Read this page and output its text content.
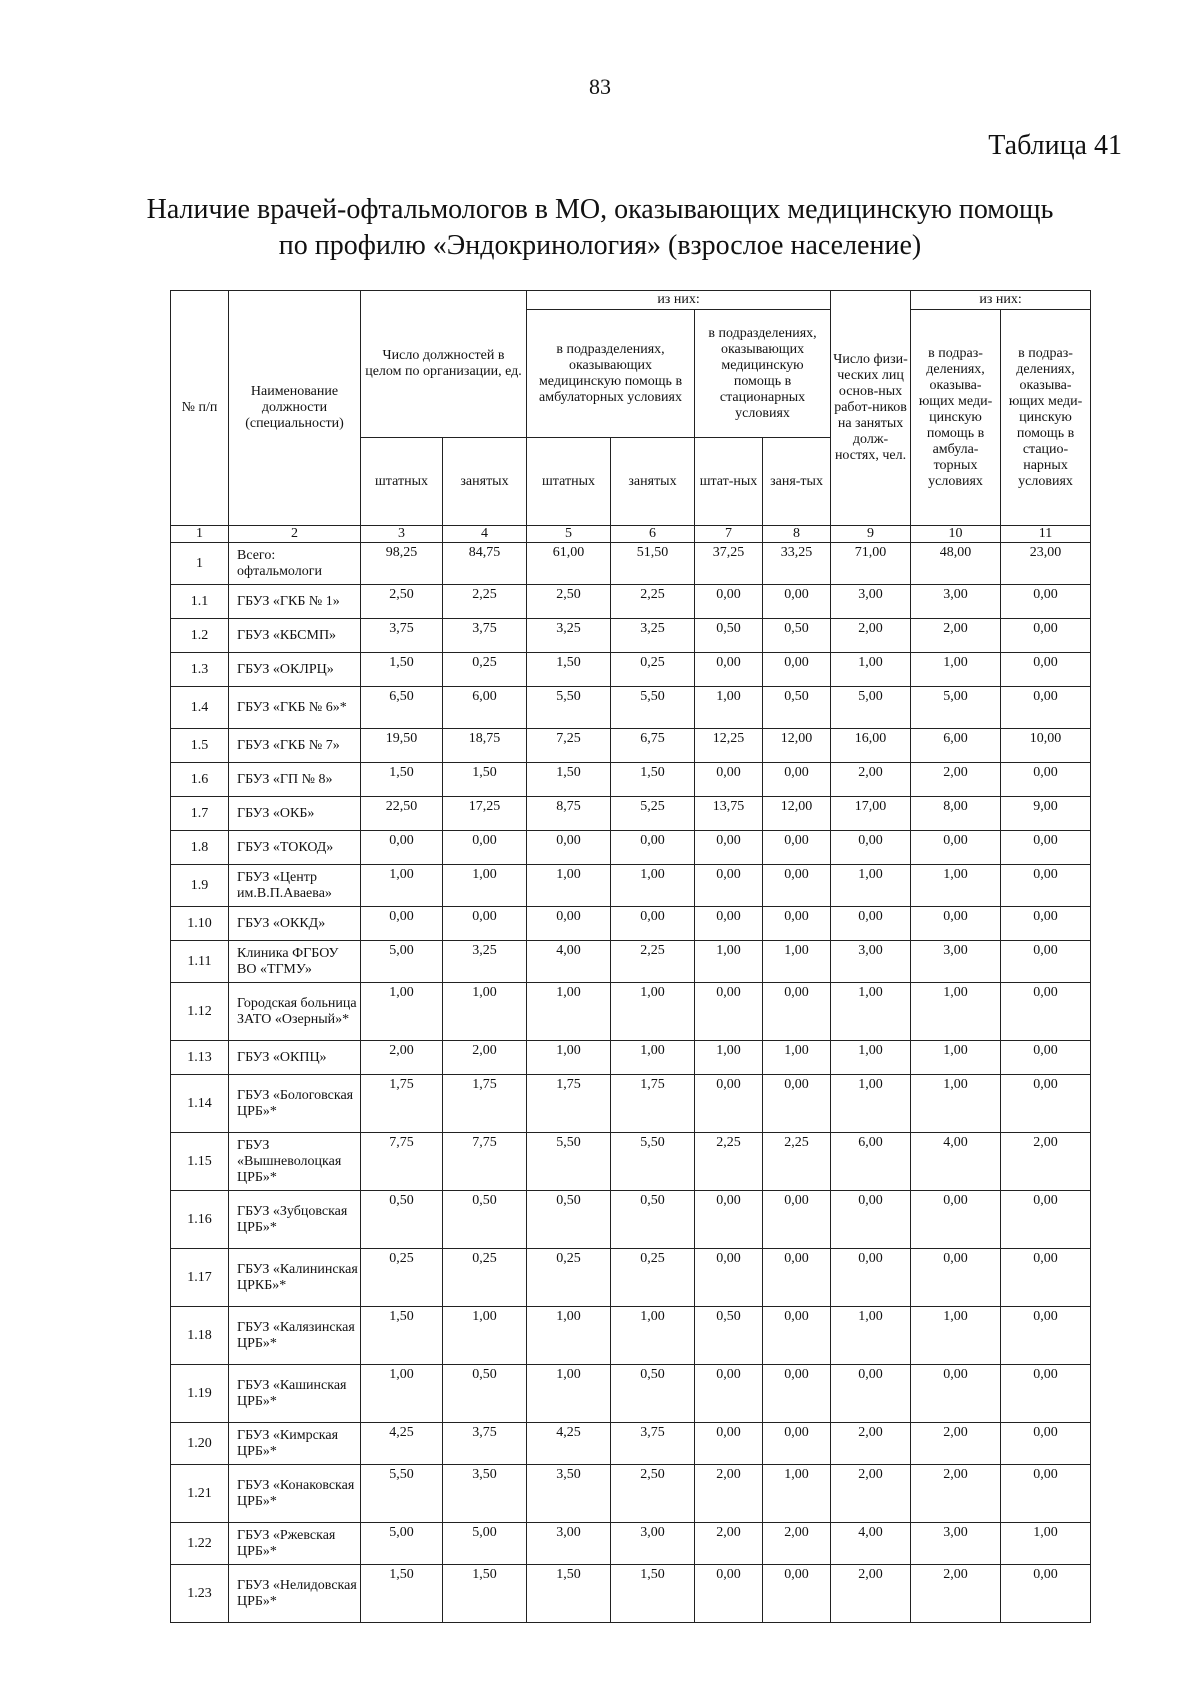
83
Таблица 41
Наличие врачей-офтальмологов в МО, оказывающих медицинскую помощь
по профилю «Эндокринология» (взрослое население)
№ п/п	Наименование должности (специальности)	Число должностей в целом по организации, ед.		из них:				Число физи-ческих лиц основ-ных работ-ников на занятых долж-ностях, чел.	из них:	
				в подразделениях, оказывающих медицинскую помощь в амбулаторных условиях		в подразделениях, оказывающих медицинскую помощь в стационарных условиях			в подраз-делениях, оказыва-ющих меди-цинскую помощь в амбула-торных условиях	в подраз-делениях, оказыва-ющих меди-цинскую помощь в стацио-нарных условиях
		штатных	занятых	штатных	занятых	штат-ных	заня-тых			
1	2	3	4	5	6	7	8	9	10	11
1	Всего: офтальмологи	98,25	84,75	61,00	51,50	37,25	33,25	71,00	48,00	23,00
1.1	ГБУЗ «ГКБ № 1»	2,50	2,25	2,50	2,25	0,00	0,00	3,00	3,00	0,00
1.2	ГБУЗ «КБСМП»	3,75	3,75	3,25	3,25	0,50	0,50	2,00	2,00	0,00
1.3	ГБУЗ «ОКЛРЦ»	1,50	0,25	1,50	0,25	0,00	0,00	1,00	1,00	0,00
1.4	ГБУЗ «ГКБ № 6»*	6,50	6,00	5,50	5,50	1,00	0,50	5,00	5,00	0,00
1.5	ГБУЗ «ГКБ № 7»	19,50	18,75	7,25	6,75	12,25	12,00	16,00	6,00	10,00
1.6	ГБУЗ «ГП № 8»	1,50	1,50	1,50	1,50	0,00	0,00	2,00	2,00	0,00
1.7	ГБУЗ «ОКБ»	22,50	17,25	8,75	5,25	13,75	12,00	17,00	8,00	9,00
1.8	ГБУЗ «ТОКОД»	0,00	0,00	0,00	0,00	0,00	0,00	0,00	0,00	0,00
1.9	ГБУЗ «Центр им.В.П.Аваева»	1,00	1,00	1,00	1,00	0,00	0,00	1,00	1,00	0,00
1.10	ГБУЗ «ОККД»	0,00	0,00	0,00	0,00	0,00	0,00	0,00	0,00	0,00
1.11	Клиника ФГБОУ ВО «ТГМУ»	5,00	3,25	4,00	2,25	1,00	1,00	3,00	3,00	0,00
1.12	Городская больница ЗАТО «Озерный»*	1,00	1,00	1,00	1,00	0,00	0,00	1,00	1,00	0,00
1.13	ГБУЗ «ОКПЦ»	2,00	2,00	1,00	1,00	1,00	1,00	1,00	1,00	0,00
1.14	ГБУЗ «Бологовская ЦРБ»*	1,75	1,75	1,75	1,75	0,00	0,00	1,00	1,00	0,00
1.15	ГБУЗ «Вышневолоцкая ЦРБ»*	7,75	7,75	5,50	5,50	2,25	2,25	6,00	4,00	2,00
1.16	ГБУЗ «Зубцовская ЦРБ»*	0,50	0,50	0,50	0,50	0,00	0,00	0,00	0,00	0,00
1.17	ГБУЗ «Калининская ЦРКБ»*	0,25	0,25	0,25	0,25	0,00	0,00	0,00	0,00	0,00
1.18	ГБУЗ «Калязинская ЦРБ»*	1,50	1,00	1,00	1,00	0,50	0,00	1,00	1,00	0,00
1.19	ГБУЗ «Кашинская ЦРБ»*	1,00	0,50	1,00	0,50	0,00	0,00	0,00	0,00	0,00
1.20	ГБУЗ «Кимрская ЦРБ»*	4,25	3,75	4,25	3,75	0,00	0,00	2,00	2,00	0,00
1.21	ГБУЗ «Конаковская ЦРБ»*	5,50	3,50	3,50	2,50	2,00	1,00	2,00	2,00	0,00
1.22	ГБУЗ «Ржевская ЦРБ»*	5,00	5,00	3,00	3,00	2,00	2,00	4,00	3,00	1,00
1.23	ГБУЗ «Нелидовская ЦРБ»*	1,50	1,50	1,50	1,50	0,00	0,00	2,00	2,00	0,00
